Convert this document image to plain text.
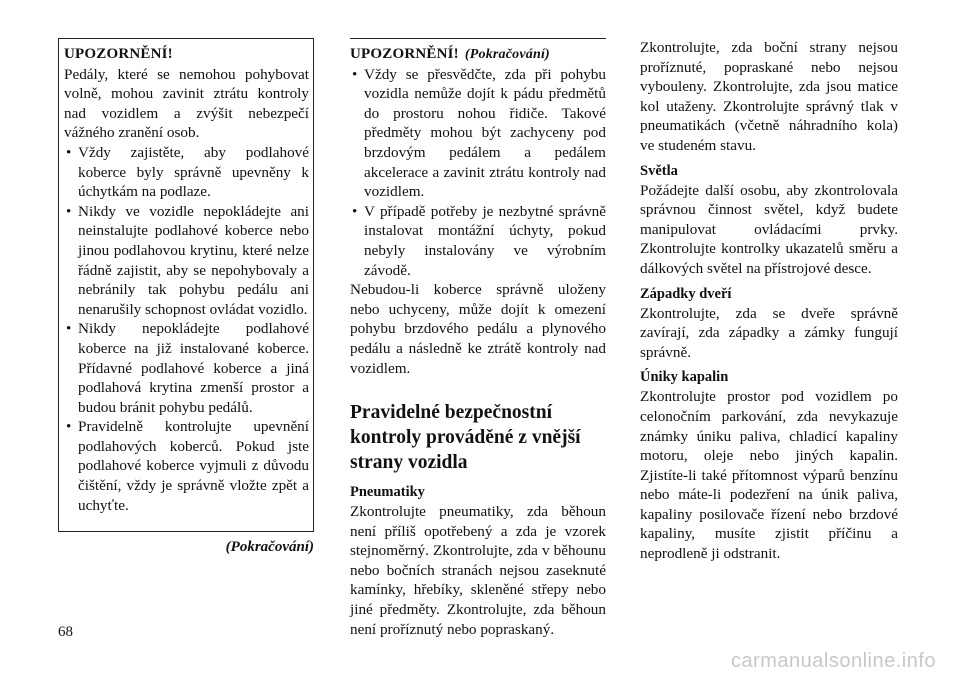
UPOZORNĚNÍ!

Pedály, které se nemohou pohybovat volně, mohou zavinit ztrátu kontroly nad vozidlem a zvýšit nebezpečí vážného zranění osob.

• Vždy zajistěte, aby podlahové koberce byly správně upevněny k úchytkám na podlaze.
• Nikdy ve vozidle nepokládejte ani neinstalujte podlahové koberce nebo jinou podlahovou krytinu, které nelze řádně zajistit, aby se nepohybovaly a nebránily tak pohybu pedálu ani nenarušily schopnost ovládat vozidlo.
• Nikdy nepokládejte podlahové koberce na již instalované koberce. Přídavné podlahové koberce a jiná podlahová krytina zmenší prostor a budou bránit pohybu pedálů.
• Pravidelně kontrolujte upevnění podlahových koberců. Pokud jste podlahové koberce vyjmuli z důvodu čištění, vždy je správně vložte zpět a uchyťte.
(Pokračování)
UPOZORNĚNÍ! (Pokračování)
• Vždy se přesvědčte, zda při pohybu vozidla nemůže dojít k pádu předmětů do prostoru nohou řidiče. Takové předměty mohou být zachyceny pod brzdovým pedálem a pedálem akcelerace a zavinit ztrátu kontroly nad vozidlem.
• V případě potřeby je nezbytné správně instalovat montážní úchyty, pokud nebyly instalovány ve výrobním závodě.

Nebudou-li koberce správně uloženy nebo uchyceny, může dojít k omezení pohybu brzdového pedálu a plynového pedálu a následně ke ztrátě kontroly nad vozidlem.

Pravidelné bezpečnostní kontroly prováděné z vnější strany vozidla
Pneumatiky

Zkontrolujte pneumatiky, zda běhoun není příliš opotřebený a zda je vzorek stejnoměrný. Zkontrolujte, zda v běhounu nebo bočních stranách nejsou zaseknuté kamínky, hřebíky, skleněné střepy nebo jiné předměty. Zkontrolujte, zda běhoun není proříznutý nebo popraskaný.

Zkontrolujte, zda boční strany nejsou proříznuté, popraskané nebo nejsou vybouleny. Zkontrolujte, zda jsou matice kol utaženy. Zkontrolujte správný tlak v pneumatikách (včetně náhradního kola) ve studeném stavu.

Světla

Požádejte další osobu, aby zkontrolovala správnou činnost světel, když budete manipulovat ovládacími prvky. Zkontrolujte kontrolky ukazatelů směru a dálkových světel na přístrojové desce.

Západky dveří

Zkontrolujte, zda se dveře správně zavírají, zda západky a zámky fungují správně.

Úniky kapalin

Zkontrolujte prostor pod vozidlem po celonočním parkování, zda nevykazuje známky úniku paliva, chladicí kapaliny motoru, oleje nebo jiných kapalin. Zjistíte-li také přítomnost výparů benzínu nebo máte-li podezření na únik paliva, kapaliny posilovače řízení nebo brzdové kapaliny, musíte zjistit příčinu a neprodleně ji odstranit.

68
carmanualsonline.info
